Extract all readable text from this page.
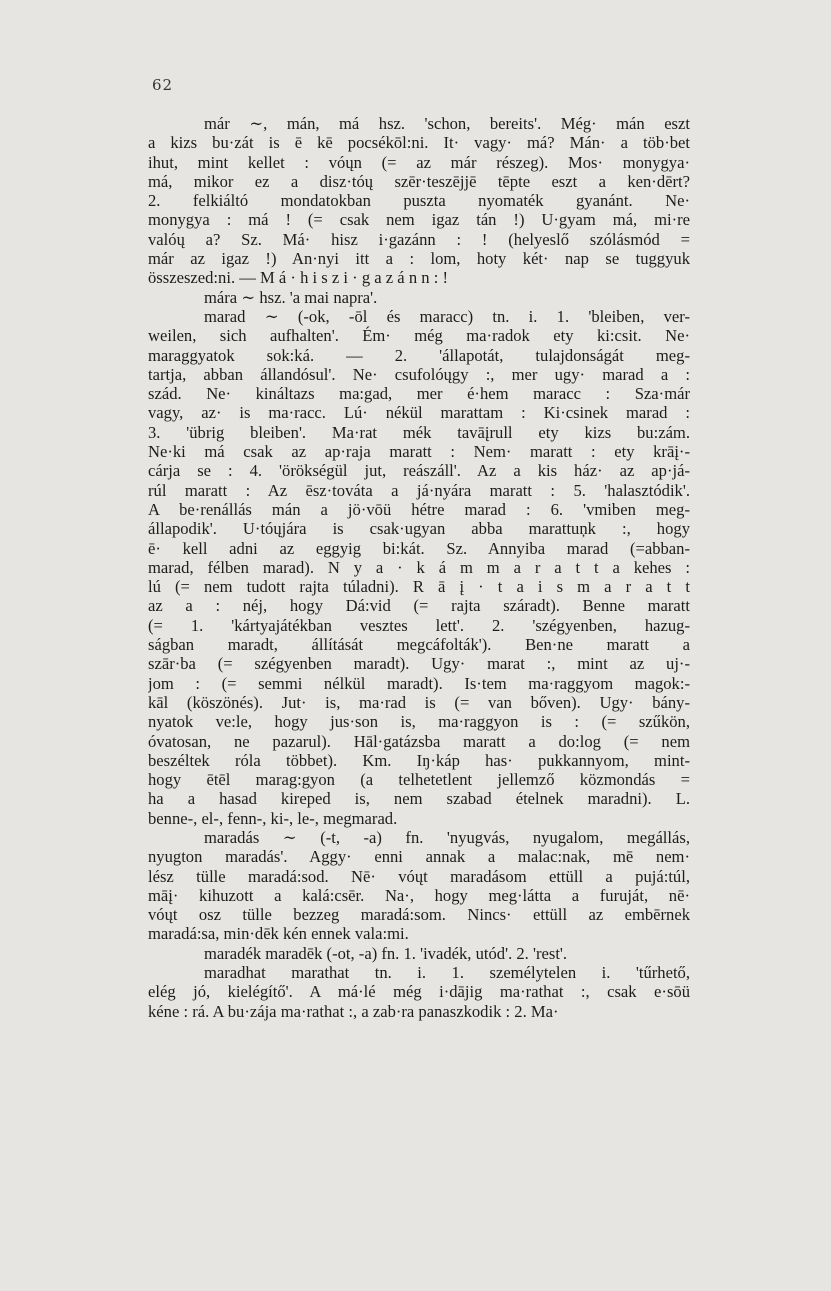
62
már ∼, mán, má hsz. 'schon, bereits'. Még· mán eszt
a kizs bu·zát is ē kē pocsékōl:ni. It· vagy· má? Mán· a töb·bet
ihut, mint kellet : vóųn (= az már részeg). Mos· monygya·
má, mikor ez a disz·tóų szēr·teszējjē tēpte eszt a ken·dērt?
2. felkiáltó mondatokban puszta nyomaték gyanánt. Ne·
monygya : má ! (= csak nem igaz tán !) U·gyam má, mi·re
valóų a? Sz. Má· hisz i·gazánn : ! (helyeslő szólásmód =
már az igaz !) An·nyi itt a : lom, hoty két· nap se tuggyuk
összeszed:ni. — M á · h i s z i · g a z á n n : !
mára ∼ hsz. 'a mai napra'.
marad ∼ (-ok, -ōl és maracc) tn. i. 1. 'bleiben, ver-
weilen, sich aufhalten'. Ém· még ma·radok ety ki:csit. Ne·
maraggyatok sok:ká. — 2. 'állapotát, tulajdonságát meg-
tartja, abban állandósul'. Ne· csufolóųgy :, mer ugy· marad a :
szád. Ne· kináltazs ma:gad, mer é·hem maracc : Sza·már
vagy, az· is ma·racc. Lú· nékül marattam : Ki·csinek marad :
3. 'übrig bleiben'. Ma·rat mék tavāįrull ety kizs bu:zám.
Ne·ki má csak az ap·raja maratt : Nem· maratt : ety krāį·-
cárja se : 4. 'örökségül jut, reászáll'. Az a kis ház· az ap·já-
rúl maratt : Az ēsz·továta a já·nyára maratt : 5. 'halasztódik'.
A be·renállás mán a jö·vōü hétre marad : 6. 'vmiben meg-
állapodik'. U·tóųjára is csak·ugyan abba marattuņk :, hogy
ē· kell adni az eggyig bi:kát. Sz. Annyiba marad (=abban-
marad, félben marad). N y a · k á m m a r a t t a kehes :
lú (= nem tudott rajta túladni). R ā į · t a i s m a r a t t
az a : néj, hogy Dá:vid (= rajta száradt). Benne maratt
(= 1. 'kártyajátékban vesztes lett'. 2. 'szégyenben, hazug-
ságban maradt, állítását megcáfolták'). Ben·ne maratt a
szār·ba (= szégyenben maradt). Ugy· marat :, mint az uj·-
jom : (= semmi nélkül maradt). Is·tem ma·raggyom magok:-
kāl (köszönés). Jut· is, ma·rad is (= van bőven). Ugy· bány-
nyatok ve:le, hogy jus·son is, ma·raggyon is : (= szűkön,
óvatosan, ne pazarul). Hāl·gatázsba maratt a do:log (= nem
beszéltek róla többet). Km. Iŋ·káp has· pukkannyom, mint-
hogy ētēl marag:gyon (a telhetetlent jellemző közmondás =
ha a hasad kireped is, nem szabad ételnek maradni). L.
benne-, el-, fenn-, ki-, le-, megmarad.
maradás ∼ (-t, -a) fn. 'nyugvás, nyugalom, megállás,
nyugton maradás'. Aggy· enni annak a malac:nak, mē nem·
lész tülle maradá:sod. Nē· vóųt maradásom ettüll a pujá:túl,
māį· kihuzott a kalá:csēr. Na·, hogy meg·látta a furuját, nē·
vóųt osz tülle bezzeg maradá:som. Nincs· ettüll az embērnek
maradá:sa, min·dēk kén ennek vala:mi.
maradék maradēk (-ot, -a) fn. 1. 'ivadék, utód'. 2. 'rest'.
maradhat marathat tn. i. 1. személytelen i. 'tűrhető,
elég jó, kielégítő'. A má·lé még i·dājig ma·rathat :, csak e·sōü
kéne : rá. A bu·zája ma·rathat :, a zab·ra panaszkodik : 2. Ma·
